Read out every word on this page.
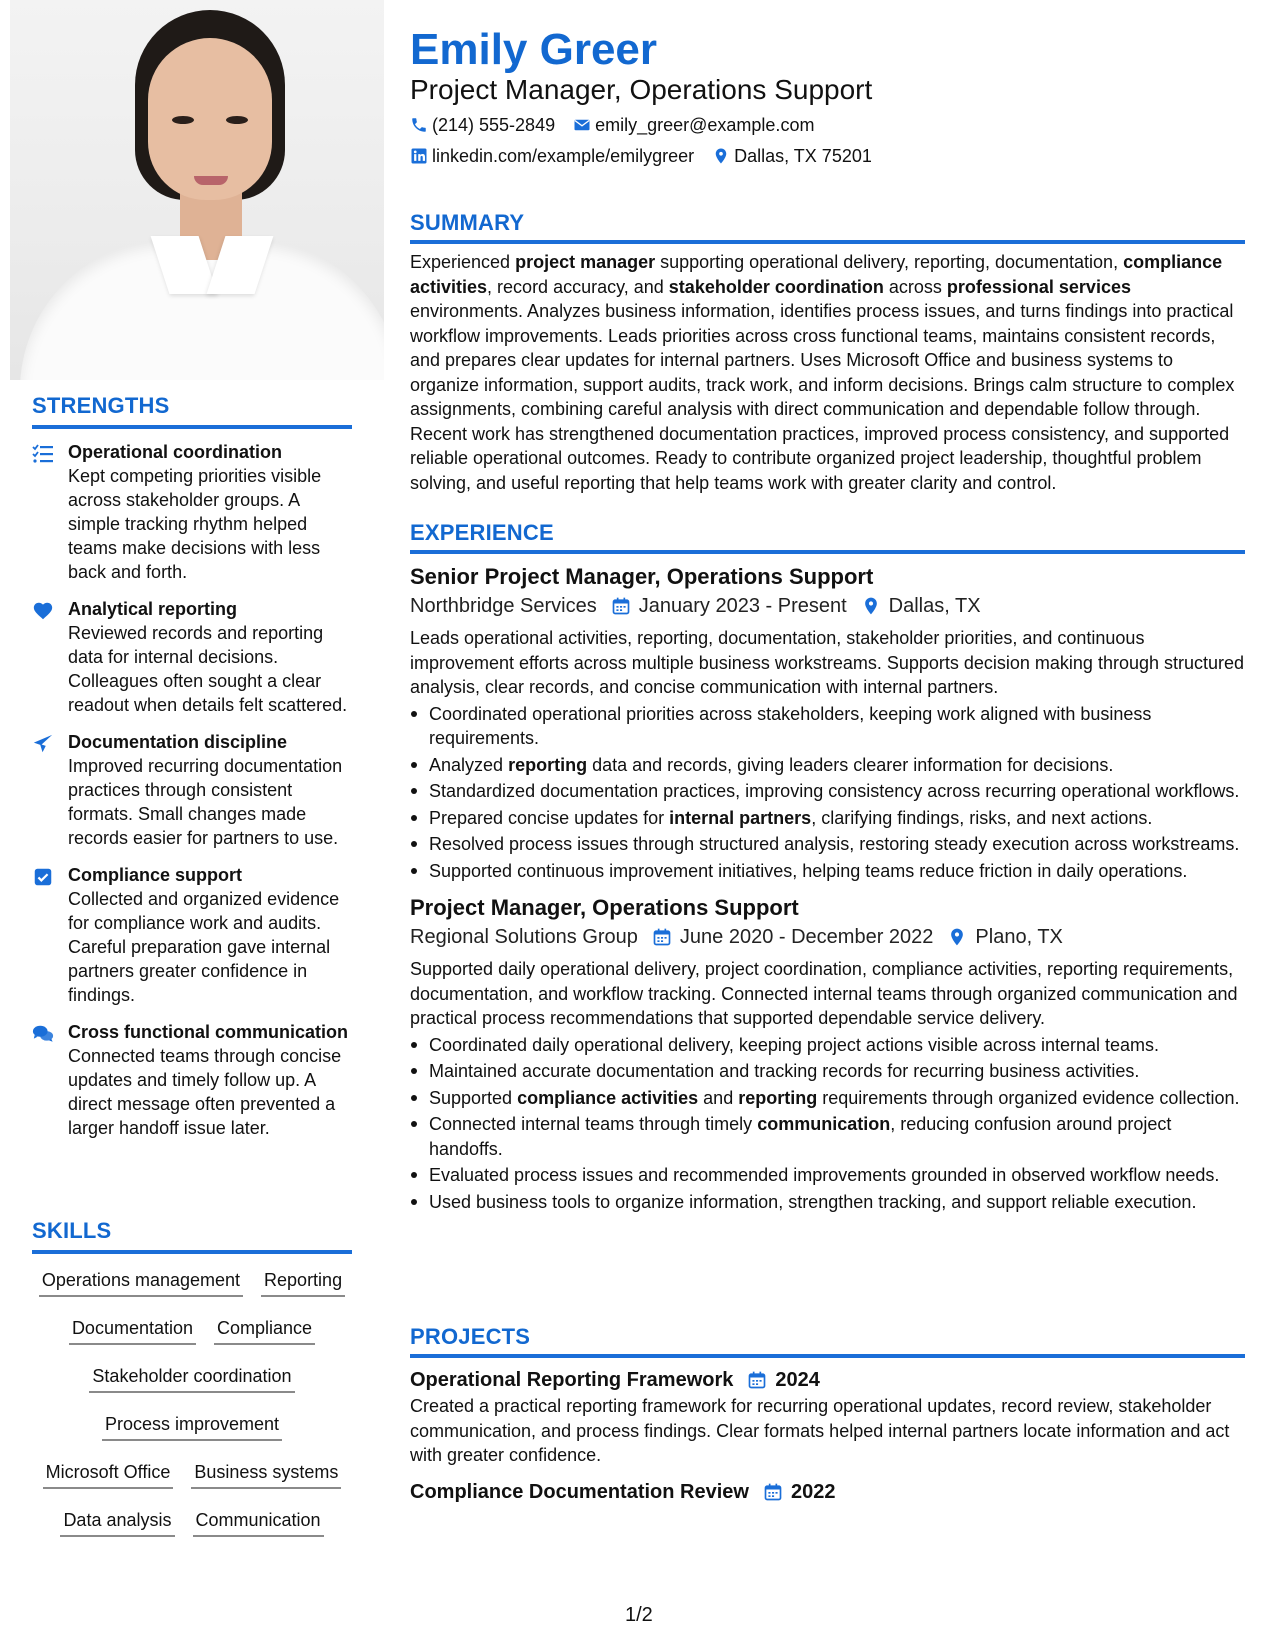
STRENGTHS
Operational coordination
Kept competing priorities visible across stakeholder groups. A simple tracking rhythm helped teams make decisions with less back and forth.
Analytical reporting
Reviewed records and reporting data for internal decisions. Colleagues often sought a clear readout when details felt scattered.
Documentation discipline
Improved recurring documentation practices through consistent formats. Small changes made records easier for partners to use.
Compliance support
Collected and organized evidence for compliance work and audits. Careful preparation gave internal partners greater confidence in findings.
Cross functional communication
Connected teams through concise updates and timely follow up. A direct message often prevented a larger handoff issue later.
SKILLS
Operations management Reporting
Documentation Compliance
Stakeholder coordination
Process improvement
Microsoft Office Business systems
Data analysis Communication
Emily Greer
Project Manager, Operations Support
(214) 555-2849 emily_greer@example.com
linkedin.com/example/emilygreer Dallas, TX 75201
SUMMARY
Experienced project manager supporting operational delivery, reporting, documentation, compliance activities, record accuracy, and stakeholder coordination across professional services environments. Analyzes business information, identifies process issues, and turns findings into practical workflow improvements. Leads priorities across cross functional teams, maintains consistent records, and prepares clear updates for internal partners. Uses Microsoft Office and business systems to organize information, support audits, track work, and inform decisions. Brings calm structure to complex assignments, combining careful analysis with direct communication and dependable follow through. Recent work has strengthened documentation practices, improved process consistency, and supported reliable operational outcomes. Ready to contribute organized project leadership, thoughtful problem solving, and useful reporting that help teams work with greater clarity and control.
EXPERIENCE
Senior Project Manager, Operations Support
Northbridge Services January 2023 - Present Dallas, TX
Leads operational activities, reporting, documentation, stakeholder priorities, and continuous improvement efforts across multiple business workstreams. Supports decision making through structured analysis, clear records, and concise communication with internal partners.
Coordinated operational priorities across stakeholders, keeping work aligned with business requirements.
Analyzed reporting data and records, giving leaders clearer information for decisions.
Standardized documentation practices, improving consistency across recurring operational workflows.
Prepared concise updates for internal partners, clarifying findings, risks, and next actions.
Resolved process issues through structured analysis, restoring steady execution across workstreams.
Supported continuous improvement initiatives, helping teams reduce friction in daily operations.
Project Manager, Operations Support
Regional Solutions Group June 2020 - December 2022 Plano, TX
Supported daily operational delivery, project coordination, compliance activities, reporting requirements, documentation, and workflow tracking. Connected internal teams through organized communication and practical process recommendations that supported dependable service delivery.
Coordinated daily operational delivery, keeping project actions visible across internal teams.
Maintained accurate documentation and tracking records for recurring business activities.
Supported compliance activities and reporting requirements through organized evidence collection.
Connected internal teams through timely communication, reducing confusion around project handoffs.
Evaluated process issues and recommended improvements grounded in observed workflow needs.
Used business tools to organize information, strengthen tracking, and support reliable execution.
PROJECTS
Operational Reporting Framework 2024
Created a practical reporting framework for recurring operational updates, record review, stakeholder communication, and process findings. Clear formats helped internal partners locate information and act with greater confidence.
Compliance Documentation Review 2022
1/2
